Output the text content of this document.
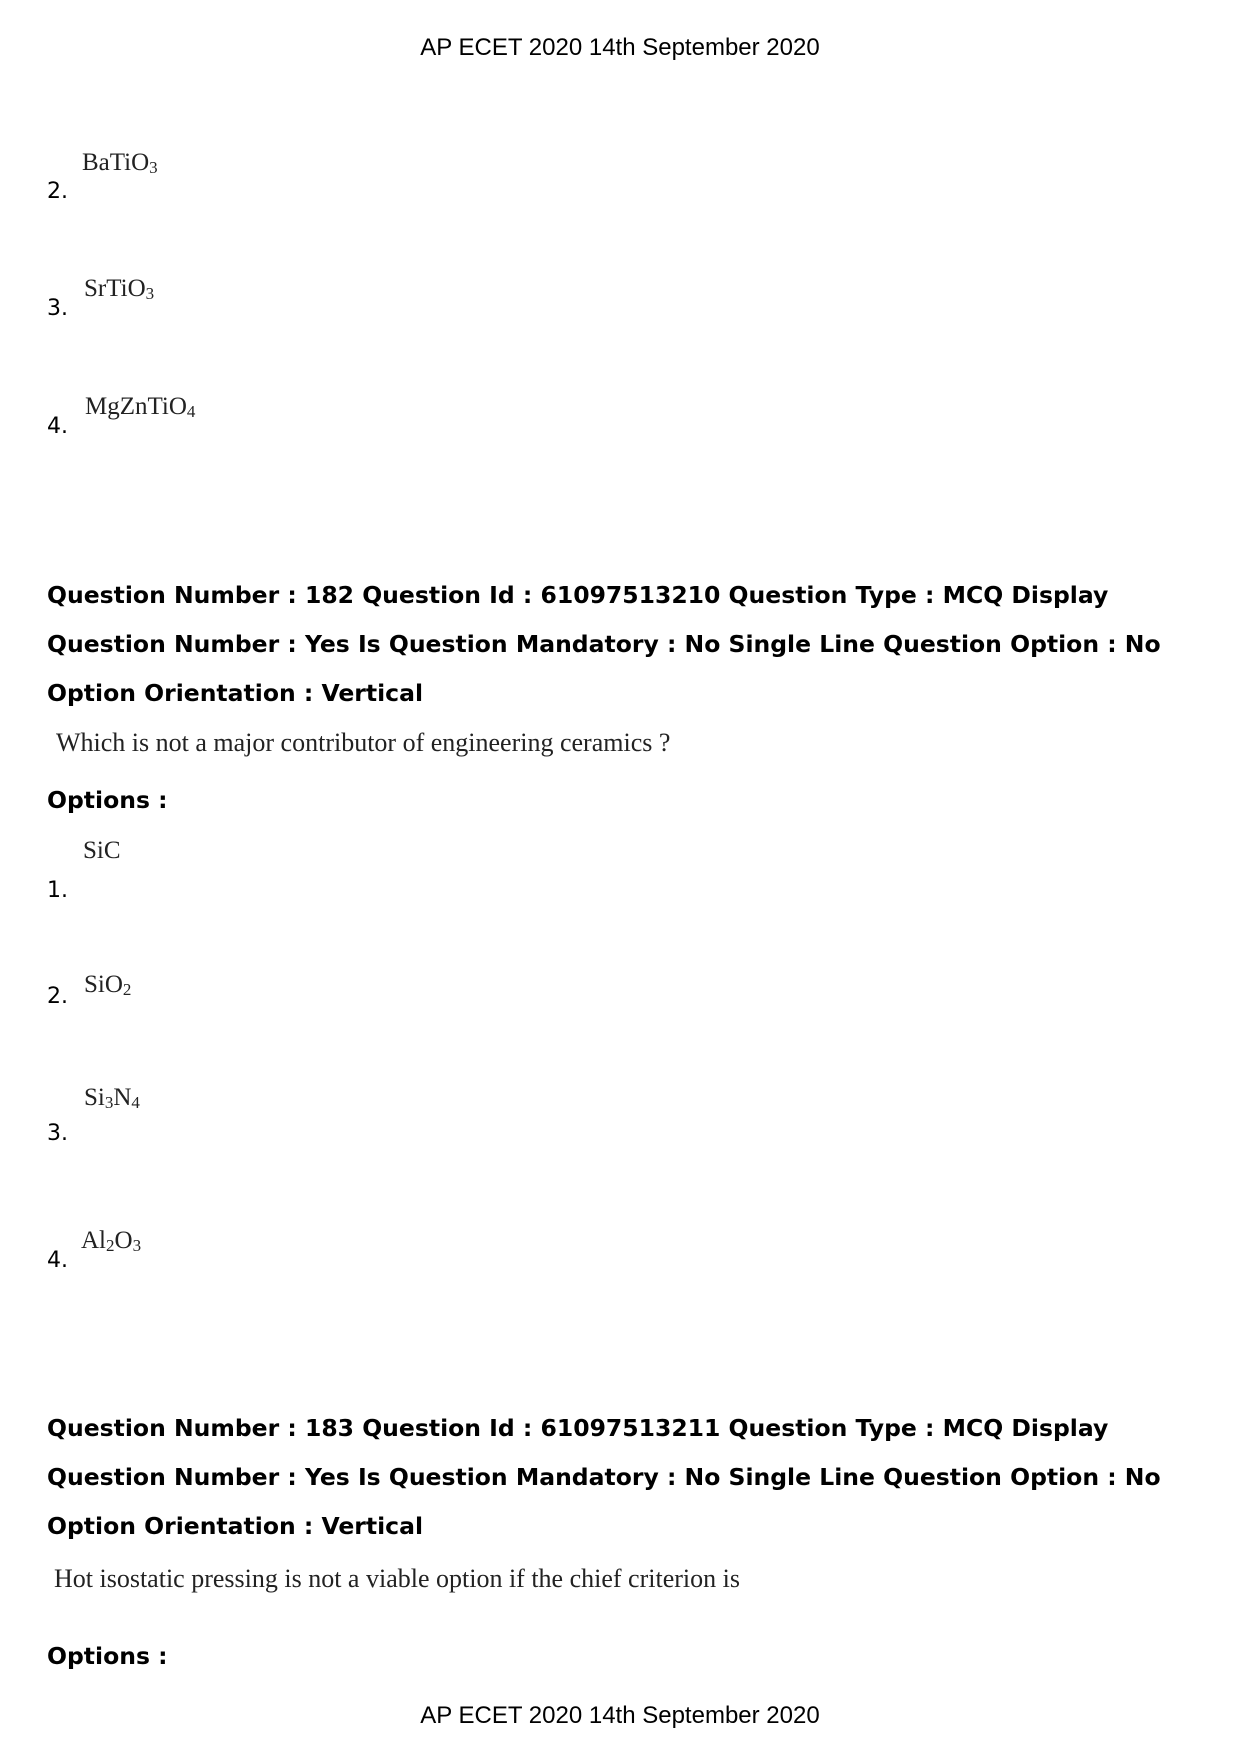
AP ECET 2020 14th September 2020
2.
BaTiO$_3$
3.
SrTiO$_3$
4.
MgZnTiO$_4$
Question Number : 182 Question Id : 61097513210 Question Type : MCQ Display Question Number : Yes Is Question Mandatory : No Single Line Question Option : No Option Orientation : Vertical
Which is not a major contributor of engineering ceramics ?
Options :
1.
SiC
2. SiO$_2$
3.
$Si_3N_4$
4.
$Al_2O_3$
Question Number : 183 Question Id : 61097513211 Question Type : MCQ Display Question Number : Yes Is Question Mandatory : No Single Line Question Option : No Option Orientation : Vertical
Hot isostatic pressing is not a viable option if the chief criterion is
Options :
AP ECET 2020 14th September 2020
